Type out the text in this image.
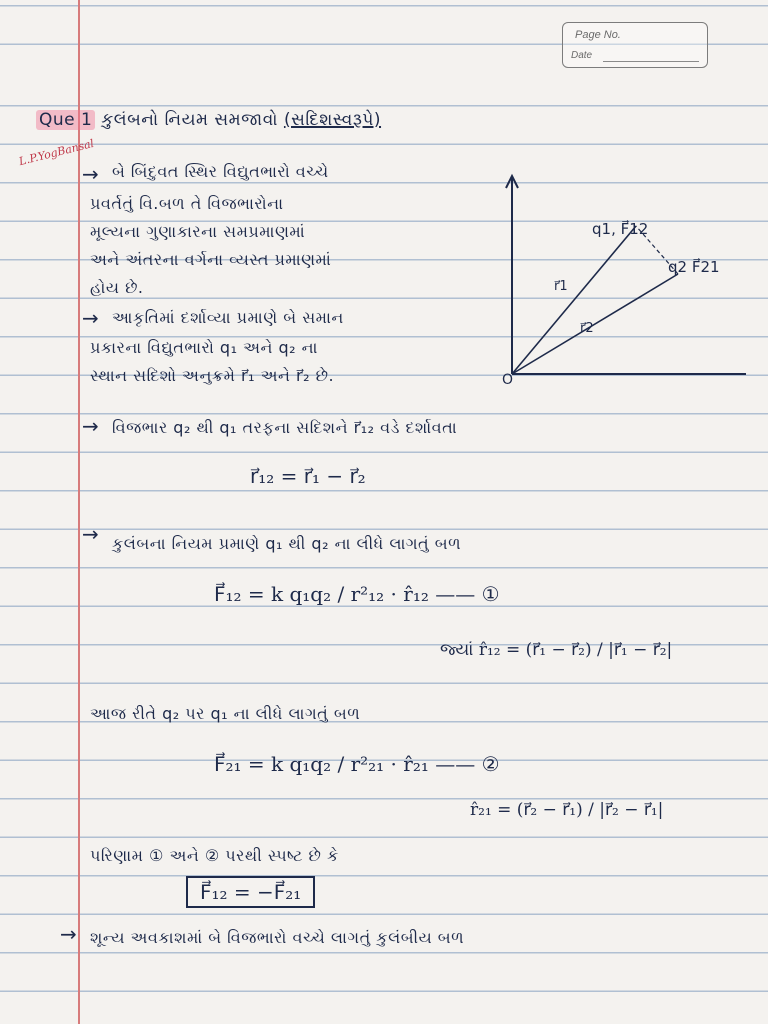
Page No.
Date
L.P.YogBansal
Que 1 કુલંબનો નિયમ સમજાવો (સદિશસ્વરૂપે)
→ બે બિંદુવત સ્થિર વિદ્યુતભારો વચ્ચે
પ્રવર્તતું વિ.બળ તે વિજભારોના
મૂલ્યના ગુણાકારના સમપ્રમાણમાં
અને અંતરના વર્ગના વ્યસ્ત પ્રમાણમાં
હોય છે.
→ આકૃતિમાં દર્શાવ્યા પ્રમાણે બે સમાન
પ્રકારના વિદ્યુતભારો q₁ અને q₂ ના
સ્થાન સદિશો અનુક્રમે r⃗₁ અને r⃗₂ છે.
q1, F⃗12
q2 F⃗21
r⃗1
r⃗2
O
→ વિજભાર q₂ થી q₁ તરફના સદિશને r⃗₁₂ વડે દર્શાવતા
r⃗₁₂ = r⃗₁ − r⃗₂
→ કુલંબના નિયમ પ્રમાણે q₁ થી q₂ ના લીધે લાગતું બળ
F⃗₁₂ = k q₁q₂ / r²₁₂ · r̂₁₂ —— ①
જ્યાં r̂₁₂ = (r⃗₁ − r⃗₂) / |r⃗₁ − r⃗₂|
આજ રીતે q₂ પર q₁ ના લીધે લાગતું બળ
F⃗₂₁ = k q₁q₂ / r²₂₁ · r̂₂₁ —— ②
r̂₂₁ = (r⃗₂ − r⃗₁) / |r⃗₂ − r⃗₁|
પરિણામ ① અને ② પરથી સ્પષ્ટ છે કે
F⃗₁₂ = −F⃗₂₁
→ શૂન્ય અવકાશમાં બે વિજભારો વચ્ચે લાગતું કુલંબીય બળ
